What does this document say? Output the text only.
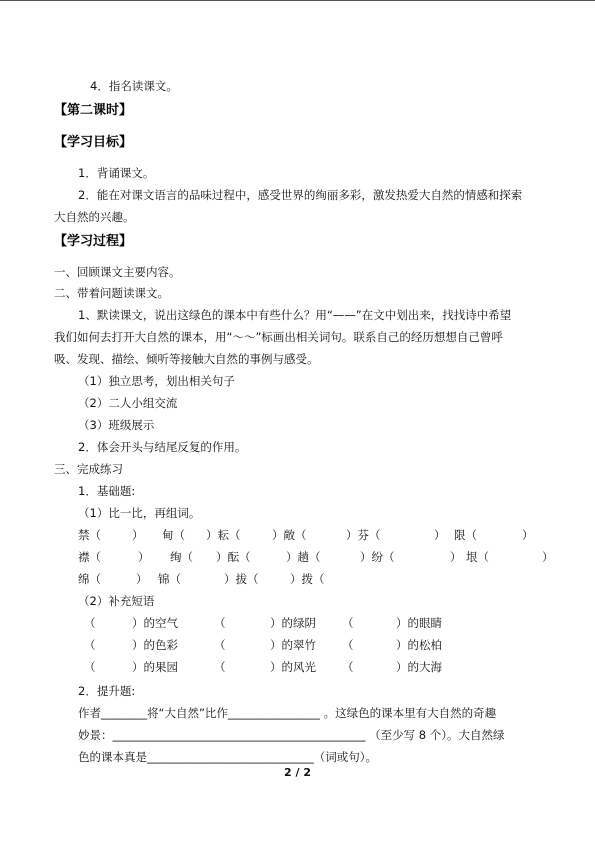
4．指名读课文。
【第二课时】
【学习目标】
1．背诵课文。
2．能在对课文语言的品味过程中，感受世界的绚丽多彩，激发热爱大自然的情感和探索
大自然的兴趣。
【学习过程】
一、回顾课文主要内容。
二、带着问题读课文。
1、默读课文，说出这绿色的课本中有些什么？用“——”在文中划出来，找找诗中希望
我们如何去打开大自然的课本，用“～～”标画出相关词句。联系自己的经历想想自己曾呼
吸、发现、描绘、倾听等接触大自然的事例与感受。
（1）独立思考，划出相关句子
（2）二人小组交流
（3）班级展示
2．体会开头与结尾反复的作用。
三、完成练习
1．基础题:
（1）比一比，再组词。
禁（	） 甸（ ）耘（	）敞（	）芬（	） 限（	）
襟（	） 绚（ ）酝（	）趟（	）纷（	） 垠（	）
绵（	） 锦（	）拔（	）拨（
（2）补充短语
（	）的空气	（	）的绿阴 （	）的眼睛
（	）的色彩	（	）的翠竹 （	）的松柏
（	）的果园	（	）的风光 （	）的大海
2．提升题:
作者________将“大自然”比作________________ 。这绿色的课本里有大自然的奇趣
妙景：____________________________________________ （至少写 8 个）。大自然绿
色的课本真是_____________________________（词或句）。
2 / 2
